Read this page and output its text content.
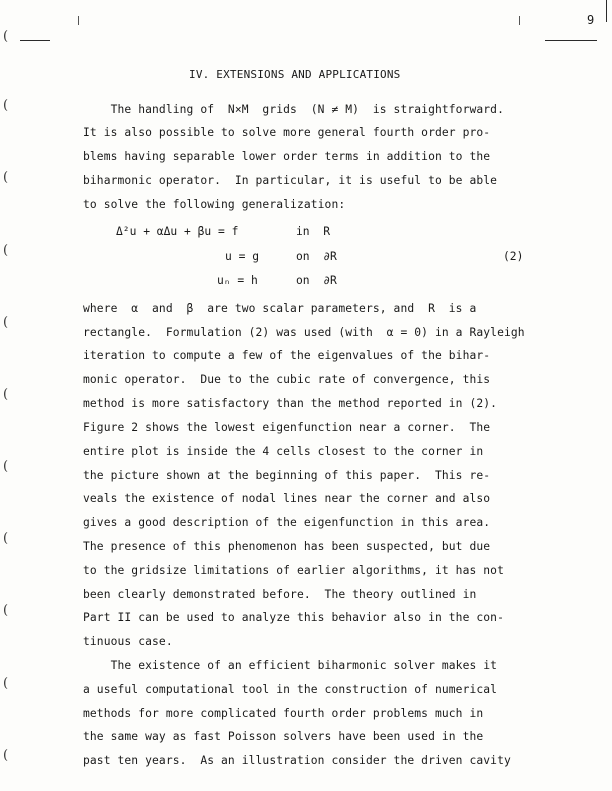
9
IV. EXTENSIONS AND APPLICATIONS
(
(
(
(
(
(
(
(
(
(
(
The handling of  N×M  grids  (N ≠ M)  is straightforward.
It is also possible to solve more general fourth order pro-
blems having separable lower order terms in addition to the
biharmonic operator.  In particular, it is useful to be able
to solve the following generalization:
Δ²u + αΔu + βu = f	in  R
u = g	on  ∂R	(2)
uₙ = h	on  ∂R
where  α  and  β  are two scalar parameters, and  R  is a
rectangle.  Formulation (2) was used (with  α = 0) in a Rayleigh
iteration to compute a few of the eigenvalues of the bihar-
monic operator.  Due to the cubic rate of convergence, this
method is more satisfactory than the method reported in (2).
Figure 2 shows the lowest eigenfunction near a corner.  The
entire plot is inside the 4 cells closest to the corner in
the picture shown at the beginning of this paper.  This re-
veals the existence of nodal lines near the corner and also
gives a good description of the eigenfunction in this area.
The presence of this phenomenon has been suspected, but due
to the gridsize limitations of earlier algorithms, it has not
been clearly demonstrated before.  The theory outlined in
Part II can be used to analyze this behavior also in the con-
tinuous case.
The existence of an efficient biharmonic solver makes it
a useful computational tool in the construction of numerical
methods for more complicated fourth order problems much in
the same way as fast Poisson solvers have been used in the
past ten years.  As an illustration consider the driven cavity
